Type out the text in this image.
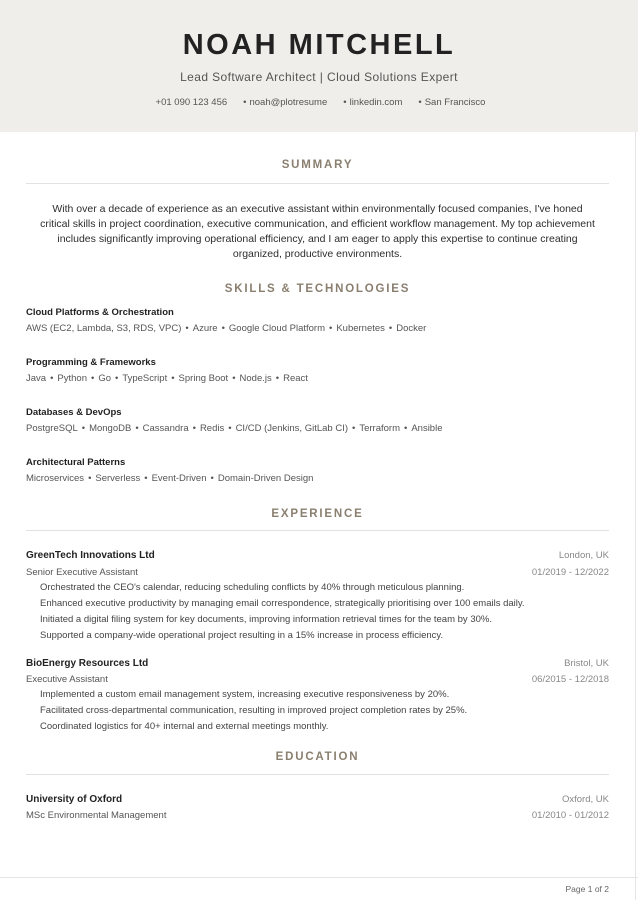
NOAH MITCHELL
Lead Software Architect | Cloud Solutions Expert
+01 090 123 456 • noah@plotresume • linkedin.com • San Francisco
SUMMARY
With over a decade of experience as an executive assistant within environmentally focused companies, I've honed critical skills in project coordination, executive communication, and efficient workflow management. My top achievement includes significantly improving operational efficiency, and I am eager to apply this expertise to continue creating organized, productive environments.
SKILLS & TECHNOLOGIES
Cloud Platforms & Orchestration
AWS (EC2, Lambda, S3, RDS, VPC) • Azure • Google Cloud Platform • Kubernetes • Docker
Programming & Frameworks
Java • Python • Go • TypeScript • Spring Boot • Node.js • React
Databases & DevOps
PostgreSQL • MongoDB • Cassandra • Redis • CI/CD (Jenkins, GitLab CI) • Terraform • Ansible
Architectural Patterns
Microservices • Serverless • Event-Driven • Domain-Driven Design
EXPERIENCE
GreenTech Innovations Ltd	London, UK
Senior Executive Assistant	01/2019 - 12/2022
Orchestrated the CEO's calendar, reducing scheduling conflicts by 40% through meticulous planning.
Enhanced executive productivity by managing email correspondence, strategically prioritising over 100 emails daily.
Initiated a digital filing system for key documents, improving information retrieval times for the team by 30%.
Supported a company-wide operational project resulting in a 15% increase in process efficiency.
BioEnergy Resources Ltd	Bristol, UK
Executive Assistant	06/2015 - 12/2018
Implemented a custom email management system, increasing executive responsiveness by 20%.
Facilitated cross-departmental communication, resulting in improved project completion rates by 25%.
Coordinated logistics for 40+ internal and external meetings monthly.
EDUCATION
University of Oxford	Oxford, UK
MSc Environmental Management	01/2010 - 01/2012
Page 1 of 2
